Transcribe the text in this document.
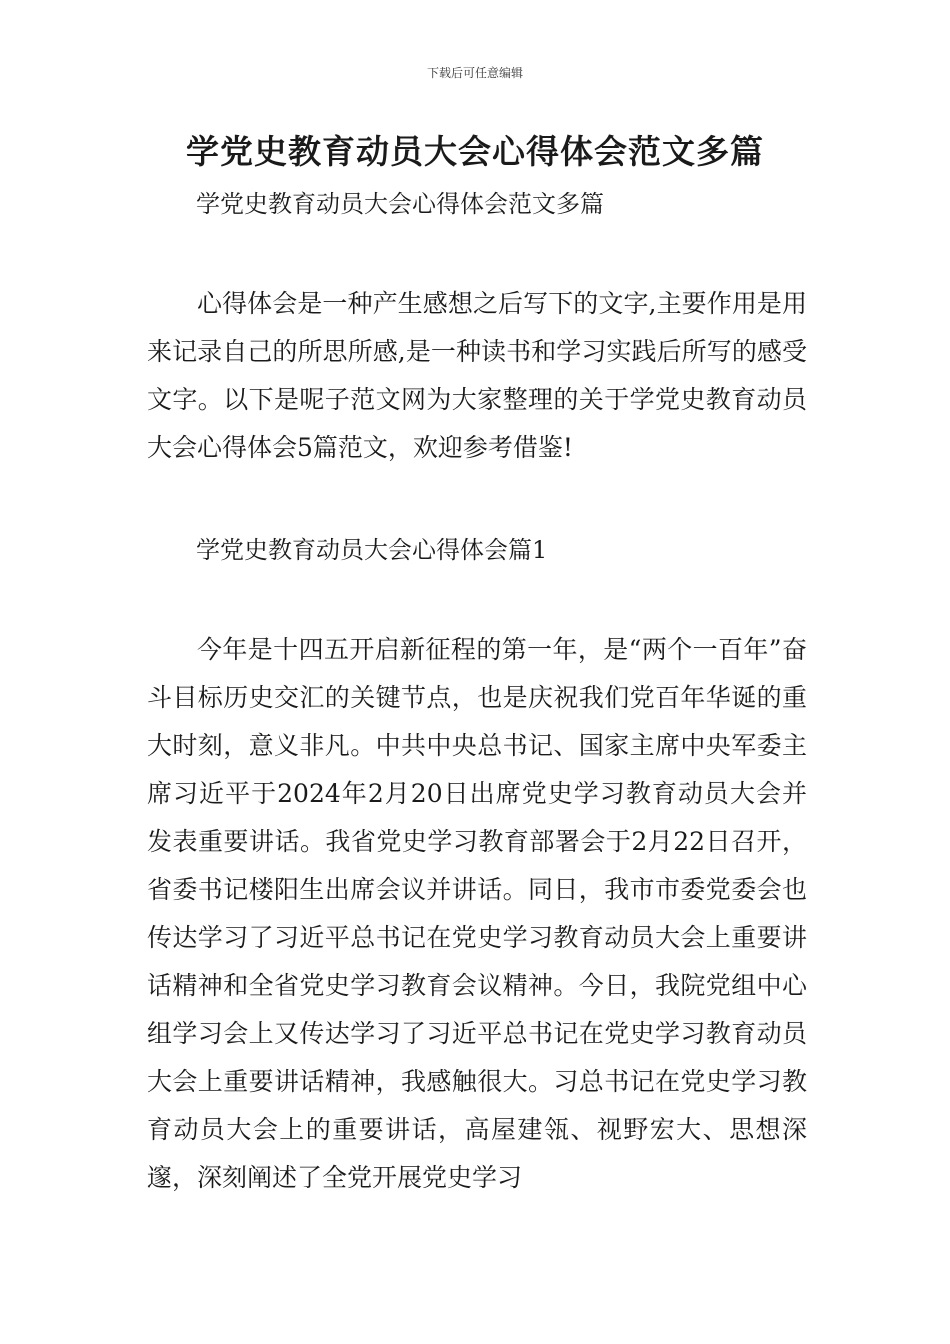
下载后可任意编辑
学党史教育动员大会心得体会范文多篇

学党史教育动员大会心得体会范文多篇

心得体会是一种产生感想之后写下的文字,主要作用是用来记录自己的所思所感,是一种读书和学习实践后所写的感受文字。以下是呢子范文网为大家整理的关于学党史教育动员大会心得体会5篇范文，欢迎参考借鉴!

学党史教育动员大会心得体会篇1

今年是十四五开启新征程的第一年，是“两个一百年”奋斗目标历史交汇的关键节点，也是庆祝我们党百年华诞的重大时刻，意义非凡。中共中央总书记、国家主席中央军委主席习近平于2024年2月20日出席党史学习教育动员大会并发表重要讲话。我省党史学习教育部署会于2月22日召开，省委书记楼阳生出席会议并讲话。同日，我市市委党委会也传达学习了习近平总书记在党史学习教育动员大会上重要讲话精神和全省党史学习教育会议精神。今日，我院党组中心组学习会上又传达学习了习近平总书记在党史学习教育动员大会上重要讲话精神，我感触很大。习总书记在党史学习教育动员大会上的重要讲话，高屋建瓴、视野宏大、思想深邃，深刻阐述了全党开展党史学习
